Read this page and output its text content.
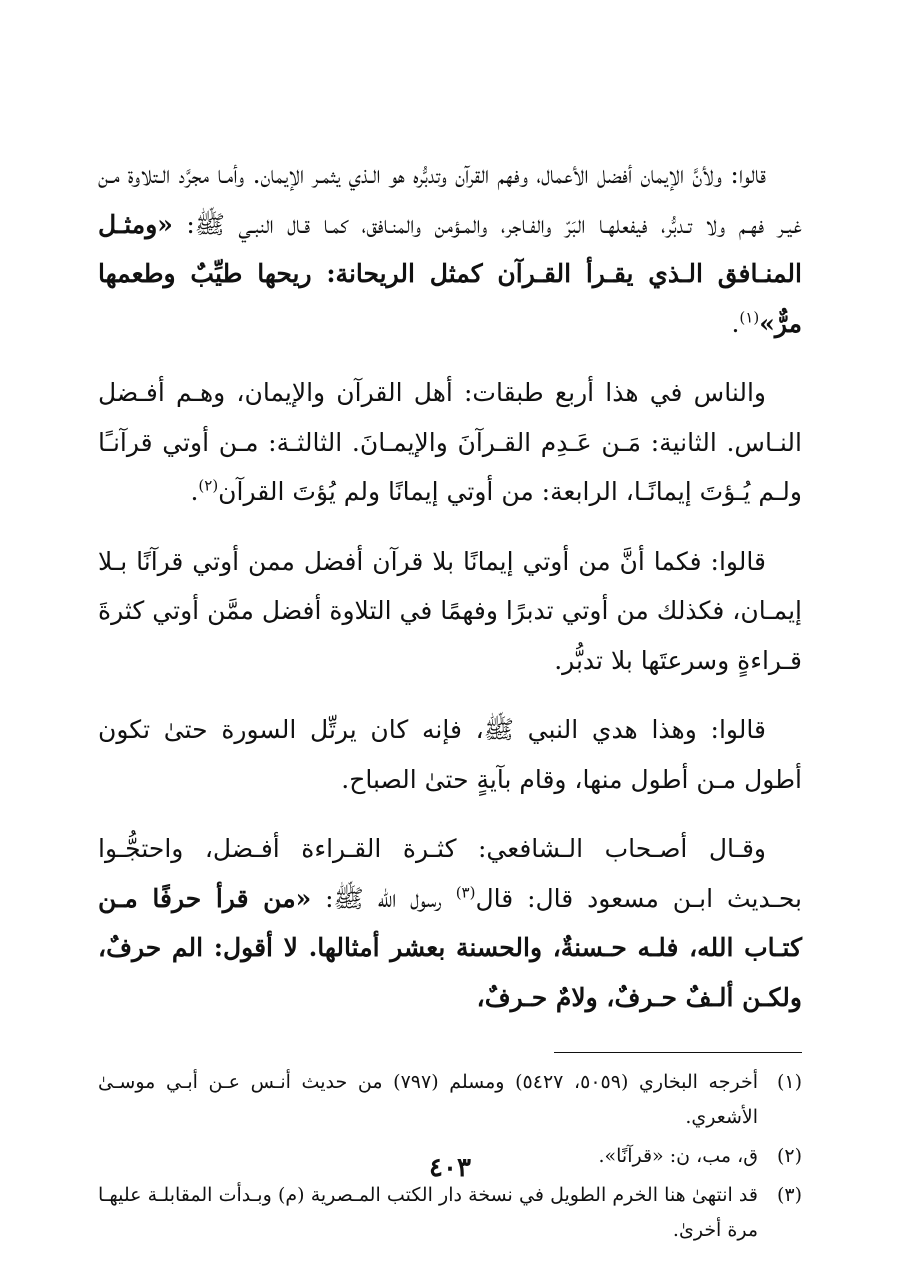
قالوا: ولأنَّ الإيمان أفضل الأعمال، وفهم القرآن وتدبُّره هو الـذي يثمـر الإيمان. وأمـا مجرَّد الـتلاوة مـن غيـر فهـم ولا تـدبُّر، فيفعلهـا البَرّ والفـاجر، والمـؤمن والمنـافق، كمـا قـال النبـي ﷺ: «ومثـل المنـافق الـذي يقـرأ القـرآن كمثل الريحانة: ريحها طيِّبٌ وطعمها مرٌّ»$^{(١)}$.

والناس في هذا أربع طبقات: أهل القرآن والإيمان، وهـم أفـضل النـاس. الثانية: مَـن عَـدِم القـرآنَ والإيمـانَ. الثالثـة: مـن أوتي قرآنـًا ولـم يُـؤتَ إيمانًـا، الرابعة: من أوتي إيمانًا ولم يُؤتَ القرآن$^{(٢)}$.

قالوا: فكما أنَّ من أوتي إيمانًا بلا قرآن أفضل ممن أوتي قرآنًا بـلا إيمـان، فكذلك من أوتي تدبرًا وفهمًا في التلاوة أفضل ممَّن أوتي كثرةَ قـراءةٍ وسرعتَها بلا تدبُّر.

قالوا: وهذا هدي النبي ﷺ، فإنه كان يرتِّل السورة حتىٰ تكون أطول مـن أطول منها، وقام بآيةٍ حتىٰ الصباح.

وقـال أصـحاب الـشافعي: كثـرة القـراءة أفـضل، واحتجُّـوا بحـديث ابـن مسعود قال: قال$^{(٣)}$ رسول الله ﷺ: «من قرأ حرفًا مـن كتـاب الله، فلـه حـسنةٌ، والحسنة بعشر أمثالها. لا أقول: الم حرفٌ، ولكـن ألـفٌ حـرفٌ، ولامٌ حـرفٌ،

(١)
أخرجه البخاري (٥٠٥٩، ٥٤٢٧) ومسلم (٧٩٧) من حديث أنـس عـن أبـي موسـىٰ الأشعري.
(٢)
ق، مب، ن: «قرآنًا».
(٣)
قد انتهىٰ هنا الخرم الطويل في نسخة دار الكتب المـصرية (م) وبـدأت المقابلـة عليهـا مرة أخرىٰ.
٤٠٣
